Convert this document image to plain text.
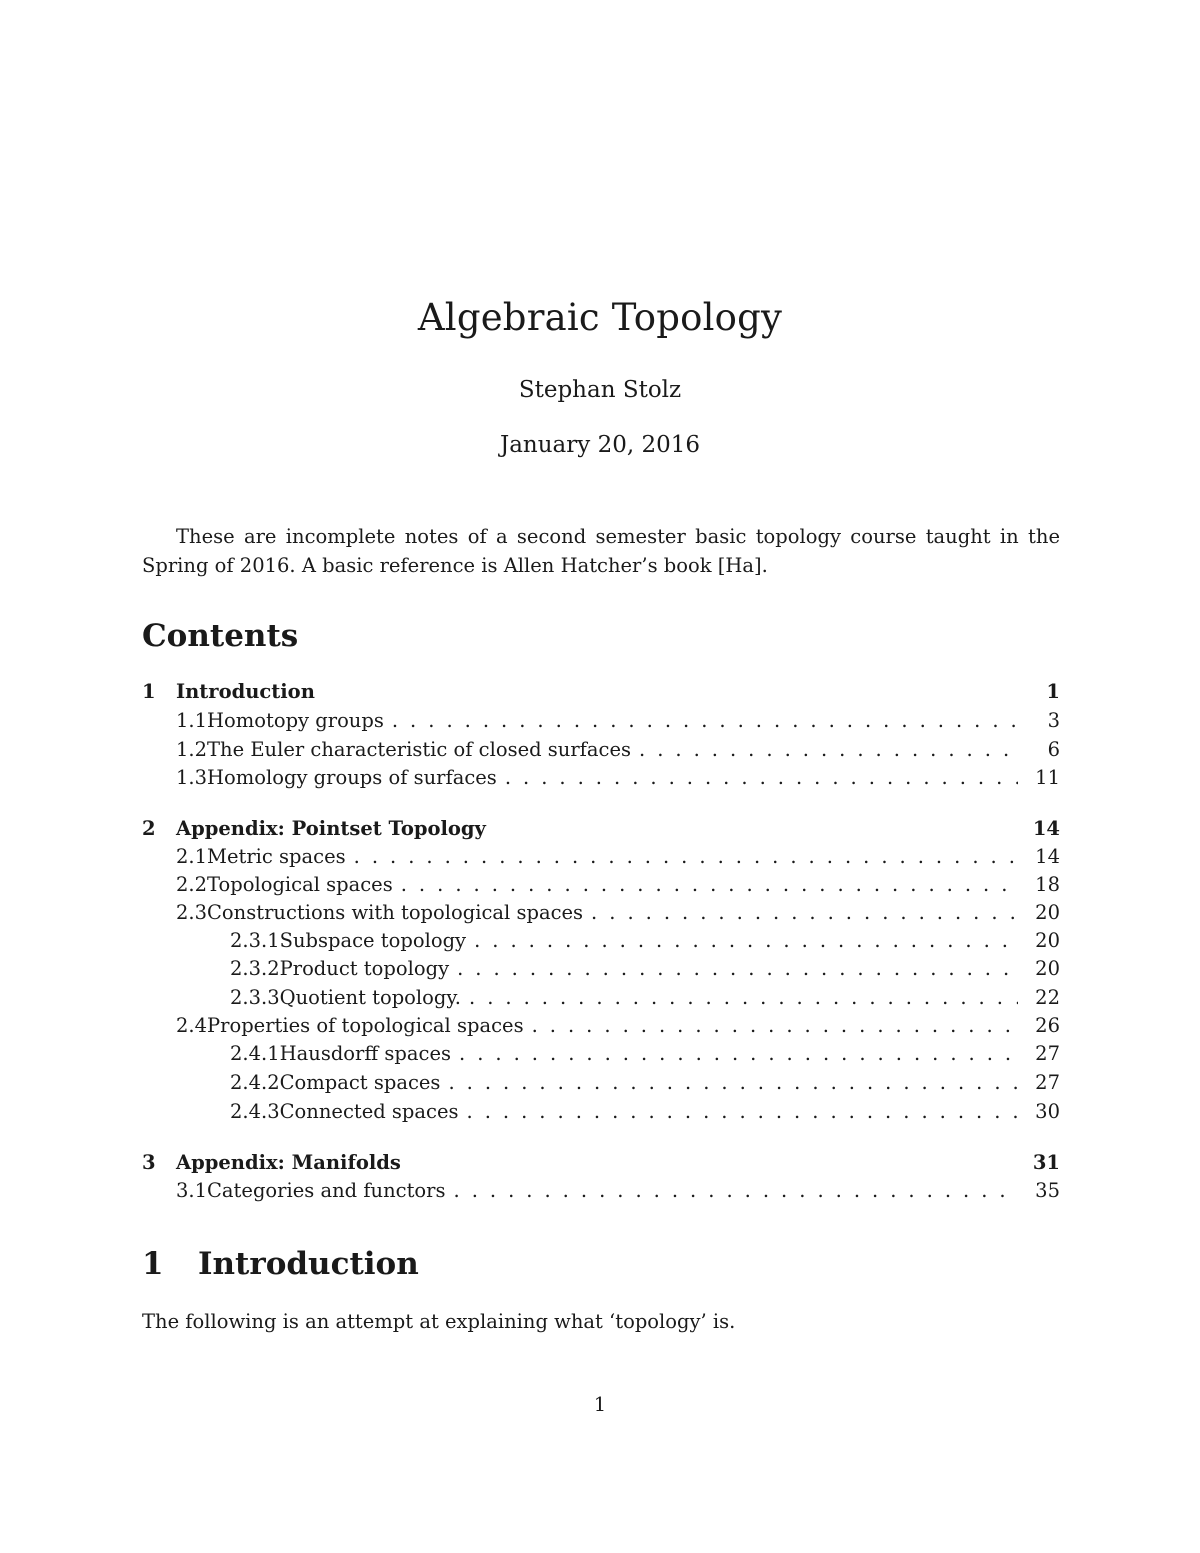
Algebraic Topology
Stephan Stolz
January 20, 2016
These are incomplete notes of a second semester basic topology course taught in the Spring of 2016. A basic reference is Allen Hatcher’s book [Ha].
Contents
1	Introduction	1
1.1 Homotopy groups . . .	3
1.2 The Euler characteristic of closed surfaces . . .	6
1.3 Homology groups of surfaces . . .	11
2	Appendix: Pointset Topology	14
2.1 Metric spaces . . .	14
2.2 Topological spaces . . .	18
2.3 Constructions with topological spaces . . .	20
2.3.1 Subspace topology . . .	20
2.3.2 Product topology . . .	20
2.3.3 Quotient topology. . . .	22
2.4 Properties of topological spaces . . .	26
2.4.1 Hausdorff spaces . . .	27
2.4.2 Compact spaces . . .	27
2.4.3 Connected spaces . . .	30
3	Appendix: Manifolds	31
3.1 Categories and functors . . .	35
1 Introduction
The following is an attempt at explaining what ‘topology’ is.
1
